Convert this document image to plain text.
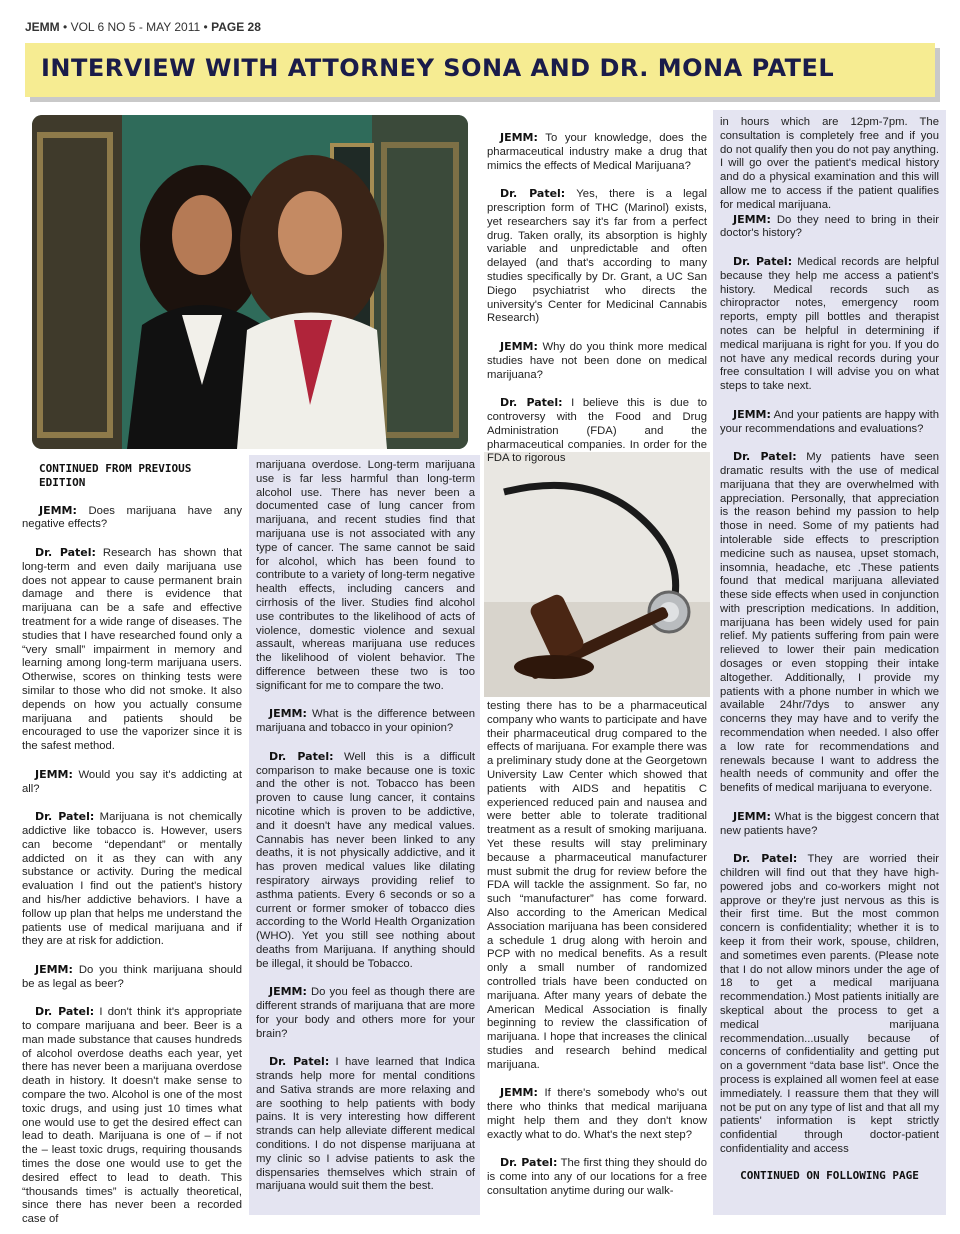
JEMM • VOL 6 NO 5 - MAY 2011 • PAGE 28
INTERVIEW WITH ATTORNEY SONA AND DR. MONA PATEL

CONTINUED FROM PREVIOUS EDITION

JEMM: Does marijuana have any negative effects?

Dr. Patel: Research has shown that long-term and even daily marijuana use does not appear to cause permanent brain damage and there is evidence that marijuana can be a safe and effective treatment for a wide range of diseases. The studies that I have researched found only a “very small” impairment in memory and learning among long-term marijuana users. Otherwise, scores on thinking tests were similar to those who did not smoke. It also depends on how you actually consume marijuana and patients should be encouraged to use the vaporizer since it is the safest method.

JEMM: Would you say it's addicting at all?

Dr. Patel: Marijuana is not chemically addictive like tobacco is. However, users can become “dependant” or mentally addicted on it as they can with any substance or activity. During the medical evaluation I find out the patient's history and his/her addictive behaviors. I have a follow up plan that helps me understand the patients use of medical marijuana and if they are at risk for addiction.

JEMM: Do you think marijuana should be as legal as beer?

Dr. Patel: I don't think it's appropriate to compare marijuana and beer. Beer is a man made substance that causes hundreds of alcohol overdose deaths each year, yet there has never been a marijuana overdose death in history. It doesn't make sense to compare the two. Alcohol is one of the most toxic drugs, and using just 10 times what one would use to get the desired effect can lead to death. Marijuana is one of – if not the – least toxic drugs, requiring thousands times the dose one would use to get the desired effect to lead to death. This “thousands times” is actually theoretical, since there has never been a recorded case of

marijuana overdose. Long-term marijuana use is far less harmful than long-term alcohol use. There has never been a documented case of lung cancer from marijuana, and recent studies find that marijuana use is not associated with any type of cancer. The same cannot be said for alcohol, which has been found to contribute to a variety of long-term negative health effects, including cancers and cirrhosis of the liver. Studies find alcohol use contributes to the likelihood of acts of violence, domestic violence and sexual assault, whereas marijuana use reduces the likelihood of violent behavior. The difference between these two is too significant for me to compare the two.

JEMM: What is the difference between marijuana and tobacco in your opinion?

Dr. Patel: Well this is a difficult comparison to make because one is toxic and the other is not. Tobacco has been proven to cause lung cancer, it contains nicotine which is proven to be addictive, and it doesn't have any medical values. Cannabis has never been linked to any deaths, it is not physically addictive, and it has proven medical values like dilating respiratory airways providing relief to asthma patients. Every 6 seconds or so a current or former smoker of tobacco dies according to the World Health Organization (WHO). Yet you still see nothing about deaths from Marijuana. If anything should be illegal, it should be Tobacco.

JEMM: Do you feel as though there are different strands of marijuana that are more for your body and others more for your brain?

Dr. Patel: I have learned that Indica strands help more for mental conditions and Sativa strands are more relaxing and are soothing to help patients with body pains. It is very interesting how different strands can help alleviate different medical conditions. I do not dispense marijuana at my clinic so I advise patients to ask the dispensaries themselves which strain of marijuana would suit them the best.

JEMM: To your knowledge, does the pharmaceutical industry make a drug that mimics the effects of Medical Marijuana?

Dr. Patel: Yes, there is a legal prescription form of THC (Marinol) exists, yet researchers say it's far from a perfect drug. Taken orally, its absorption is highly variable and unpredictable and often delayed (and that's according to many studies specifically by Dr. Grant, a UC San Diego psychiatrist who directs the university's Center for Medicinal Cannabis Research)

JEMM: Why do you think more medical studies have not been done on medical marijuana?

Dr. Patel: I believe this is due to controversy with the Food and Drug Administration (FDA) and the pharmaceutical companies. In order for the FDA to rigorous

testing there has to be a pharmaceutical company who wants to participate and have their pharmaceutical drug compared to the effects of marijuana. For example there was a preliminary study done at the Georgetown University Law Center which showed that patients with AIDS and hepatitis C experienced reduced pain and nausea and were better able to tolerate traditional treatment as a result of smoking marijuana. Yet these results will stay preliminary because a pharmaceutical manufacturer must submit the drug for review before the FDA will tackle the assignment. So far, no such “manufacturer” has come forward. Also according to the American Medical Association marijuana has been considered a schedule 1 drug along with heroin and PCP with no medical benefits. As a result only a small number of randomized controlled trials have been conducted on marijuana. After many years of debate the American Medical Association is finally beginning to review the classification of marijuana. I hope that increases the clinical studies and research behind medical marijuana.

JEMM: If there's somebody who's out there who thinks that medical marijuana might help them and they don't know exactly what to do. What's the next step?

Dr. Patel: The first thing they should do is come into any of our locations for a free consultation anytime during our walk-

in hours which are 12pm-7pm. The consultation is completely free and if you do not qualify then you do not pay anything. I will go over the patient's medical history and do a physical examination and this will allow me to access if the patient qualifies for medical marijuana.

JEMM: Do they need to bring in their doctor's history?

Dr. Patel: Medical records are helpful because they help me access a patient's history. Medical records such as chiropractor notes, emergency room reports, empty pill bottles and therapist notes can be helpful in determining if medical marijuana is right for you. If you do not have any medical records during your free consultation I will advise you on what steps to take next.

JEMM: And your patients are happy with your recommendations and evaluations?

Dr. Patel: My patients have seen dramatic results with the use of medical marijuana that they are overwhelmed with appreciation. Personally, that appreciation is the reason behind my passion to help those in need. Some of my patients had intolerable side effects to prescription medicine such as nausea, upset stomach, insomnia, headache, etc .These patients found that medical marijuana alleviated these side effects when used in conjunction with prescription medications. In addition, marijuana has been widely used for pain relief. My patients suffering from pain were relieved to lower their pain medication dosages or even stopping their intake altogether. Additionally, I provide my patients with a phone number in which we available 24hr/7dys to answer any concerns they may have and to verify the recommendation when needed. I also offer a low rate for recommendations and renewals because I want to address the health needs of community and offer the benefits of medical marijuana to everyone.

JEMM: What is the biggest concern that new patients have?

Dr. Patel: They are worried their children will find out that they have high-powered jobs and co-workers might not approve or they're just nervous as this is their first time. But the most common concern is confidentiality; whether it is to keep it from their work, spouse, children, and sometimes even parents. (Please note that I do not allow minors under the age of 18 to get a medical marijuana recommendation.) Most patients initially are skeptical about the process to get a medical marijuana recommendation...usually because of concerns of confidentiality and getting put on a government “data base list”. Once the process is explained all women feel at ease immediately. I reassure them that they will not be put on any type of list and that all my patients' information is kept strictly confidential through doctor-patient confidentiality and access

CONTINUED ON FOLLOWING PAGE
